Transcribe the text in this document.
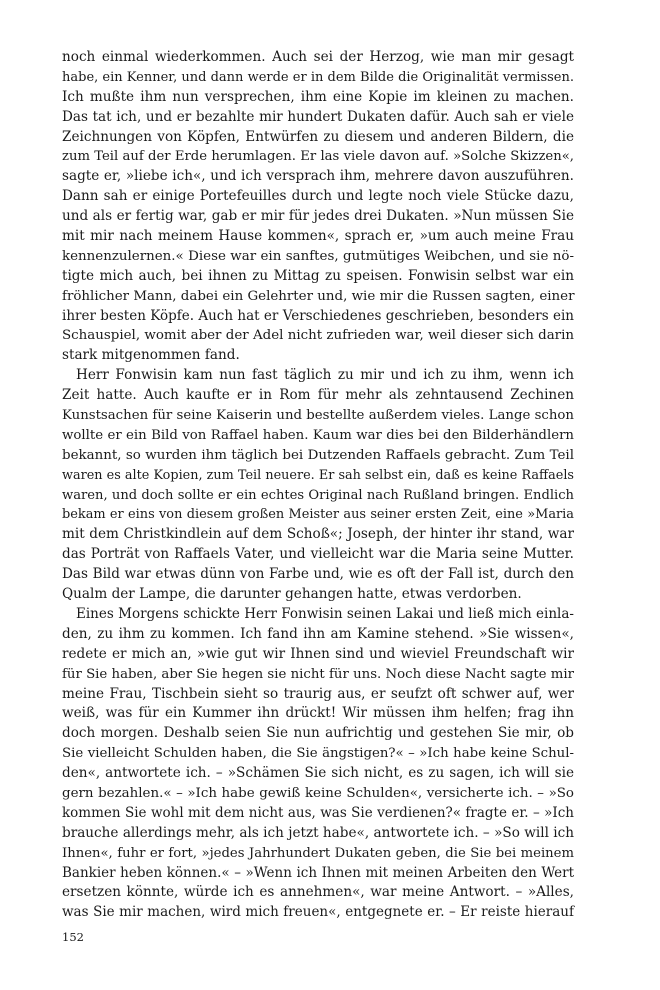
noch einmal wiederkommen. Auch sei der Herzog, wie man mir gesagt
habe, ein Kenner, und dann werde er in dem Bilde die Originalität vermissen.
Ich mußte ihm nun versprechen, ihm eine Kopie im kleinen zu machen.
Das tat ich, und er bezahlte mir hundert Dukaten dafür. Auch sah er viele
Zeichnungen von Köpfen, Entwürfen zu diesem und anderen Bildern, die
zum Teil auf der Erde herumlagen. Er las viele davon auf. »Solche Skizzen«,
sagte er, »liebe ich«, und ich versprach ihm, mehrere davon auszuführen.
Dann sah er einige Portefeuilles durch und legte noch viele Stücke dazu,
und als er fertig war, gab er mir für jedes drei Dukaten. »Nun müssen Sie
mit mir nach meinem Hause kommen«, sprach er, »um auch meine Frau
kennenzulernen.« Diese war ein sanftes, gutmütiges Weibchen, und sie nö-
tigte mich auch, bei ihnen zu Mittag zu speisen. Fonwisin selbst war ein
fröhlicher Mann, dabei ein Gelehrter und, wie mir die Russen sagten, einer
ihrer besten Köpfe. Auch hat er Verschiedenes geschrieben, besonders ein
Schauspiel, womit aber der Adel nicht zufrieden war, weil dieser sich darin
stark mitgenommen fand.
Herr Fonwisin kam nun fast täglich zu mir und ich zu ihm, wenn ich
Zeit hatte. Auch kaufte er in Rom für mehr als zehntausend Zechinen
Kunstsachen für seine Kaiserin und bestellte außerdem vieles. Lange schon
wollte er ein Bild von Raffael haben. Kaum war dies bei den Bilderhändlern
bekannt, so wurden ihm täglich bei Dutzenden Raffaels gebracht. Zum Teil
waren es alte Kopien, zum Teil neuere. Er sah selbst ein, daß es keine Raffaels
waren, und doch sollte er ein echtes Original nach Rußland bringen. Endlich
bekam er eins von diesem großen Meister aus seiner ersten Zeit, eine »Maria
mit dem Christkindlein auf dem Schoß«; Joseph, der hinter ihr stand, war
das Porträt von Raffaels Vater, und vielleicht war die Maria seine Mutter.
Das Bild war etwas dünn von Farbe und, wie es oft der Fall ist, durch den
Qualm der Lampe, die darunter gehangen hatte, etwas verdorben.
Eines Morgens schickte Herr Fonwisin seinen Lakai und ließ mich einla-
den, zu ihm zu kommen. Ich fand ihn am Kamine stehend. »Sie wissen«,
redete er mich an, »wie gut wir Ihnen sind und wieviel Freundschaft wir
für Sie haben, aber Sie hegen sie nicht für uns. Noch diese Nacht sagte mir
meine Frau, Tischbein sieht so traurig aus, er seufzt oft schwer auf, wer
weiß, was für ein Kummer ihn drückt! Wir müssen ihm helfen; frag ihn
doch morgen. Deshalb seien Sie nun aufrichtig und gestehen Sie mir, ob
Sie vielleicht Schulden haben, die Sie ängstigen?« – »Ich habe keine Schul-
den«, antwortete ich. – »Schämen Sie sich nicht, es zu sagen, ich will sie
gern bezahlen.« – »Ich habe gewiß keine Schulden«, versicherte ich. – »So
kommen Sie wohl mit dem nicht aus, was Sie verdienen?« fragte er. – »Ich
brauche allerdings mehr, als ich jetzt habe«, antwortete ich. – »So will ich
Ihnen«, fuhr er fort, »jedes Jahrhundert Dukaten geben, die Sie bei meinem
Bankier heben können.« – »Wenn ich Ihnen mit meinen Arbeiten den Wert
ersetzen könnte, würde ich es annehmen«, war meine Antwort. – »Alles,
was Sie mir machen, wird mich freuen«, entgegnete er. – Er reiste hierauf
152
